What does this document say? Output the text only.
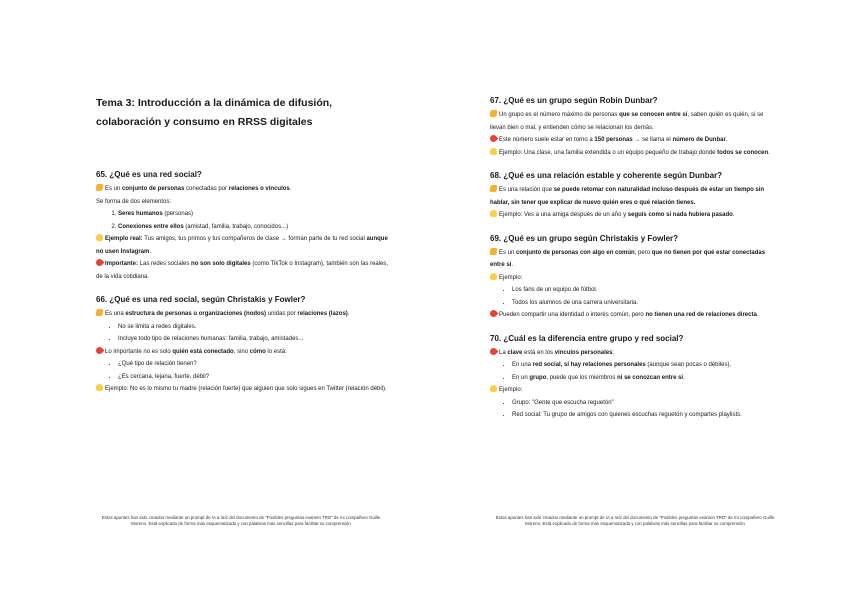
Tema 3: Introducción a la dinámica de difusión, colaboración y consumo en RRSS digitales

65. ¿Qué es una red social?

Es un conjunto de personas conectadas por relaciones o vínculos.

Se forma de dos elementos:

1. Seres humanos (personas)
2. Conexiones entre ellos (amistad, familia, trabajo, conocidos...)

Ejemplo real: Tus amigos, tus primos y tus compañeros de clase → forman parte de tu red social aunque no usen Instagram.

Importante: Las redes sociales no son solo digitales (como TikTok o Instagram), también son las reales, de la vida cotidiana.

66. ¿Qué es una red social, según Christakis y Fowler?

Es una estructura de personas u organizaciones (nodos) unidas por relaciones (lazos).

• No se limita a redes digitales.
• Incluye todo tipo de relaciones humanas: familia, trabajo, amistades...

Lo importante no es solo quién está conectado, sino cómo lo está:

• ¿Qué tipo de relación tienen?
• ¿Es cercana, lejana, fuerte, débil?

Ejemplo: No es lo mismo tu madre (relación fuerte) que alguien que solo sigues en Twitter (relación débil).

Estos apuntes han sido creados mediante un prompt de IA a raíz del documento de "Posibles preguntas examen TRD" de mi compañero Guille Moreno. Está explicado de forma más esquematizada y con palabras más sencillas para facilitar su comprensión

67. ¿Qué es un grupo según Robin Dunbar?

Un grupo es el número máximo de personas que se conocen entre sí, saben quién es quién, si se llevan bien o mal, y entienden cómo se relacionan los demás.

Este número suele estar en torno a 150 personas → se llama el número de Dunbar.

Ejemplo: Una clase, una familia extendida o un equipo pequeño de trabajo donde todos se conocen.

68. ¿Qué es una relación estable y coherente según Dunbar?

Es una relación que se puede retomar con naturalidad incluso después de estar un tiempo sin hablar, sin tener que explicar de nuevo quién eres o qué relación tienes.

Ejemplo: Ves a una amiga después de un año y seguís como si nada hubiera pasado.

69. ¿Qué es un grupo según Christakis y Fowler?

Es un conjunto de personas con algo en común, pero que no tienen por qué estar conectadas entre sí.

Ejemplo:

• Los fans de un equipo de fútbol.
• Todos los alumnos de una carrera universitaria.

Pueden compartir una identidad o interés común, pero no tienen una red de relaciones directa.

70. ¿Cuál es la diferencia entre grupo y red social?

La clave está en los vínculos personales:

• En una red social, sí hay relaciones personales (aunque sean pocas o débiles).
• En un grupo, puede que los miembros ni se conozcan entre sí.

Ejemplo:

• Grupo: "Gente que escucha reguetón"
• Red social: Tu grupo de amigos con quienes escuchas reguetón y compartes playlists.
Estos apuntes han sido creados mediante un prompt de IA a raíz del documento de "Posibles preguntas examen TRD" de mi compañero Guille Moreno. Está explicado de forma más esquematizada y con palabras más sencillas para facilitar su comprensión
